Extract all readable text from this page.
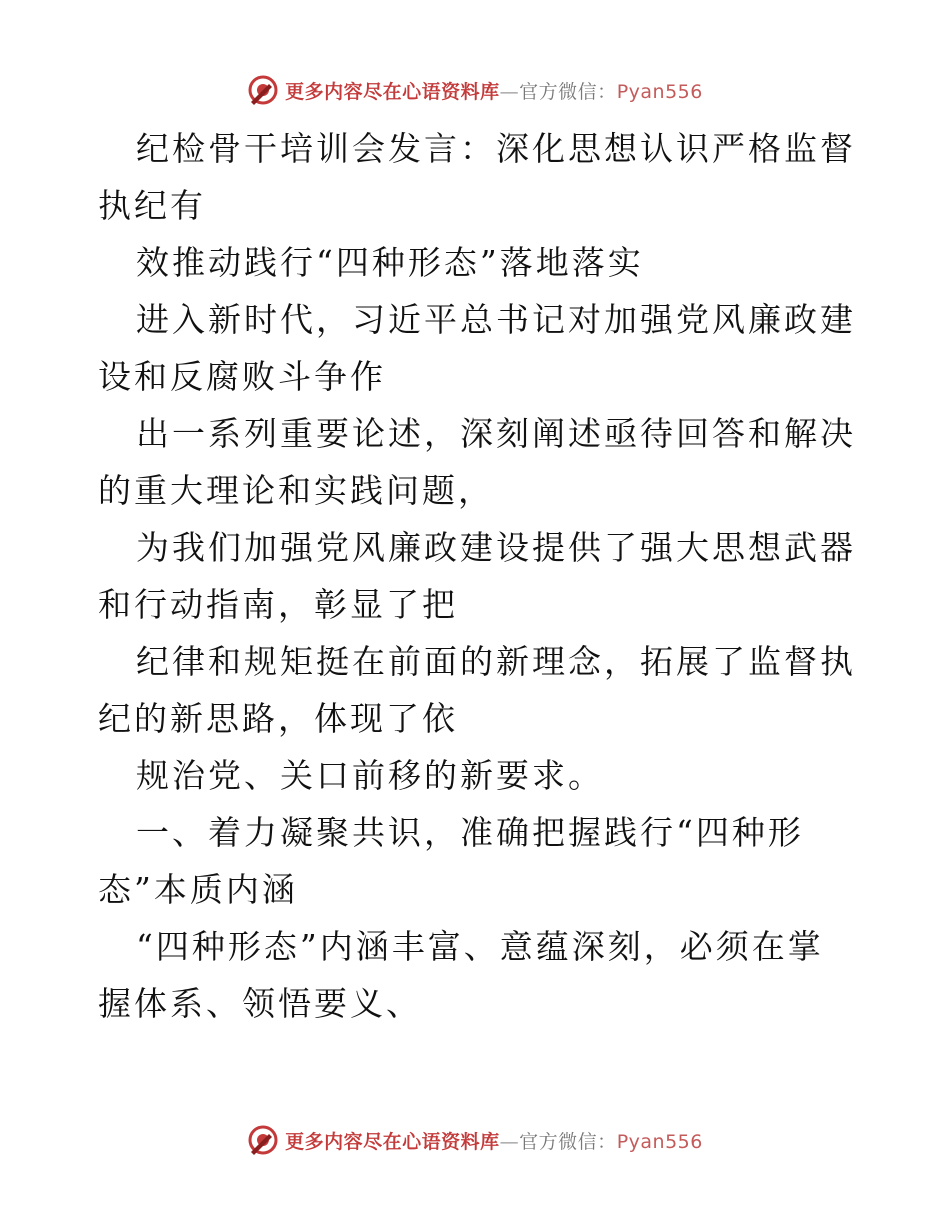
更多内容尽在心语资料库—官方微信：Pyan556

纪检骨干培训会发言：深化思想认识严格监督执纪有

效推动践行“四种形态”落地落实

进入新时代，习近平总书记对加强党风廉政建设和反腐败斗争作

出一系列重要论述，深刻阐述亟待回答和解决的重大理论和实践问题，

为我们加强党风廉政建设提供了强大思想武器和行动指南，彰显了把

纪律和规矩挺在前面的新理念，拓展了监督执纪的新思路，体现了依

规治党、关口前移的新要求。

一、着力凝聚共识，准确把握践行“四种形态”本质内涵

“四种形态”内涵丰富、意蕴深刻，必须在掌握体系、领悟要义、

更多内容尽在心语资料库—官方微信：Pyan556
